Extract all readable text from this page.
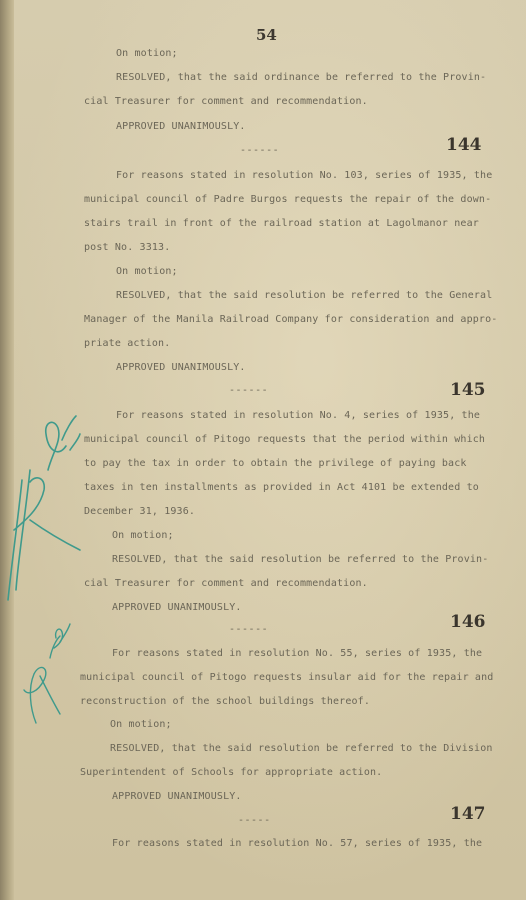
54
On motion;
RESOLVED, that the said ordinance be referred to the Provin-
cial Treasurer for comment and recommendation.
APPROVED UNANIMOUSLY.
------	144
For reasons stated in resolution No. 103, series of 1935, the
municipal council of Padre Burgos requests the repair of the down-
stairs trail in front of the railroad station at Lagolmanor near
post No. 3313.
On motion;
RESOLVED, that the said resolution be referred to the General
Manager of the Manila Railroad Company for consideration and appro-
priate action.
APPROVED UNANIMOUSLY.
------	145
For reasons stated in resolution No. 4, series of 1935, the
municipal council of Pitogo requests that the period within which
to pay the tax in order to obtain the privilege of paying back
taxes in ten installments as provided in Act 4101 be extended to
December 31, 1936.
On motion;
RESOLVED, that the said resolution be referred to the Provin-
cial Treasurer for comment and recommendation.
APPROVED UNANIMOUSLY.
------	146
For reasons stated in resolution No. 55, series of 1935, the
municipal council of Pitogo requests insular aid for the repair and
reconstruction of the school buildings thereof.
On motion;
RESOLVED, that the said resolution be referred to the Division
Superintendent of Schools for appropriate action.
APPROVED UNANIMOUSLY.
-----	147
For reasons stated in resolution No. 57, series of 1935, the
